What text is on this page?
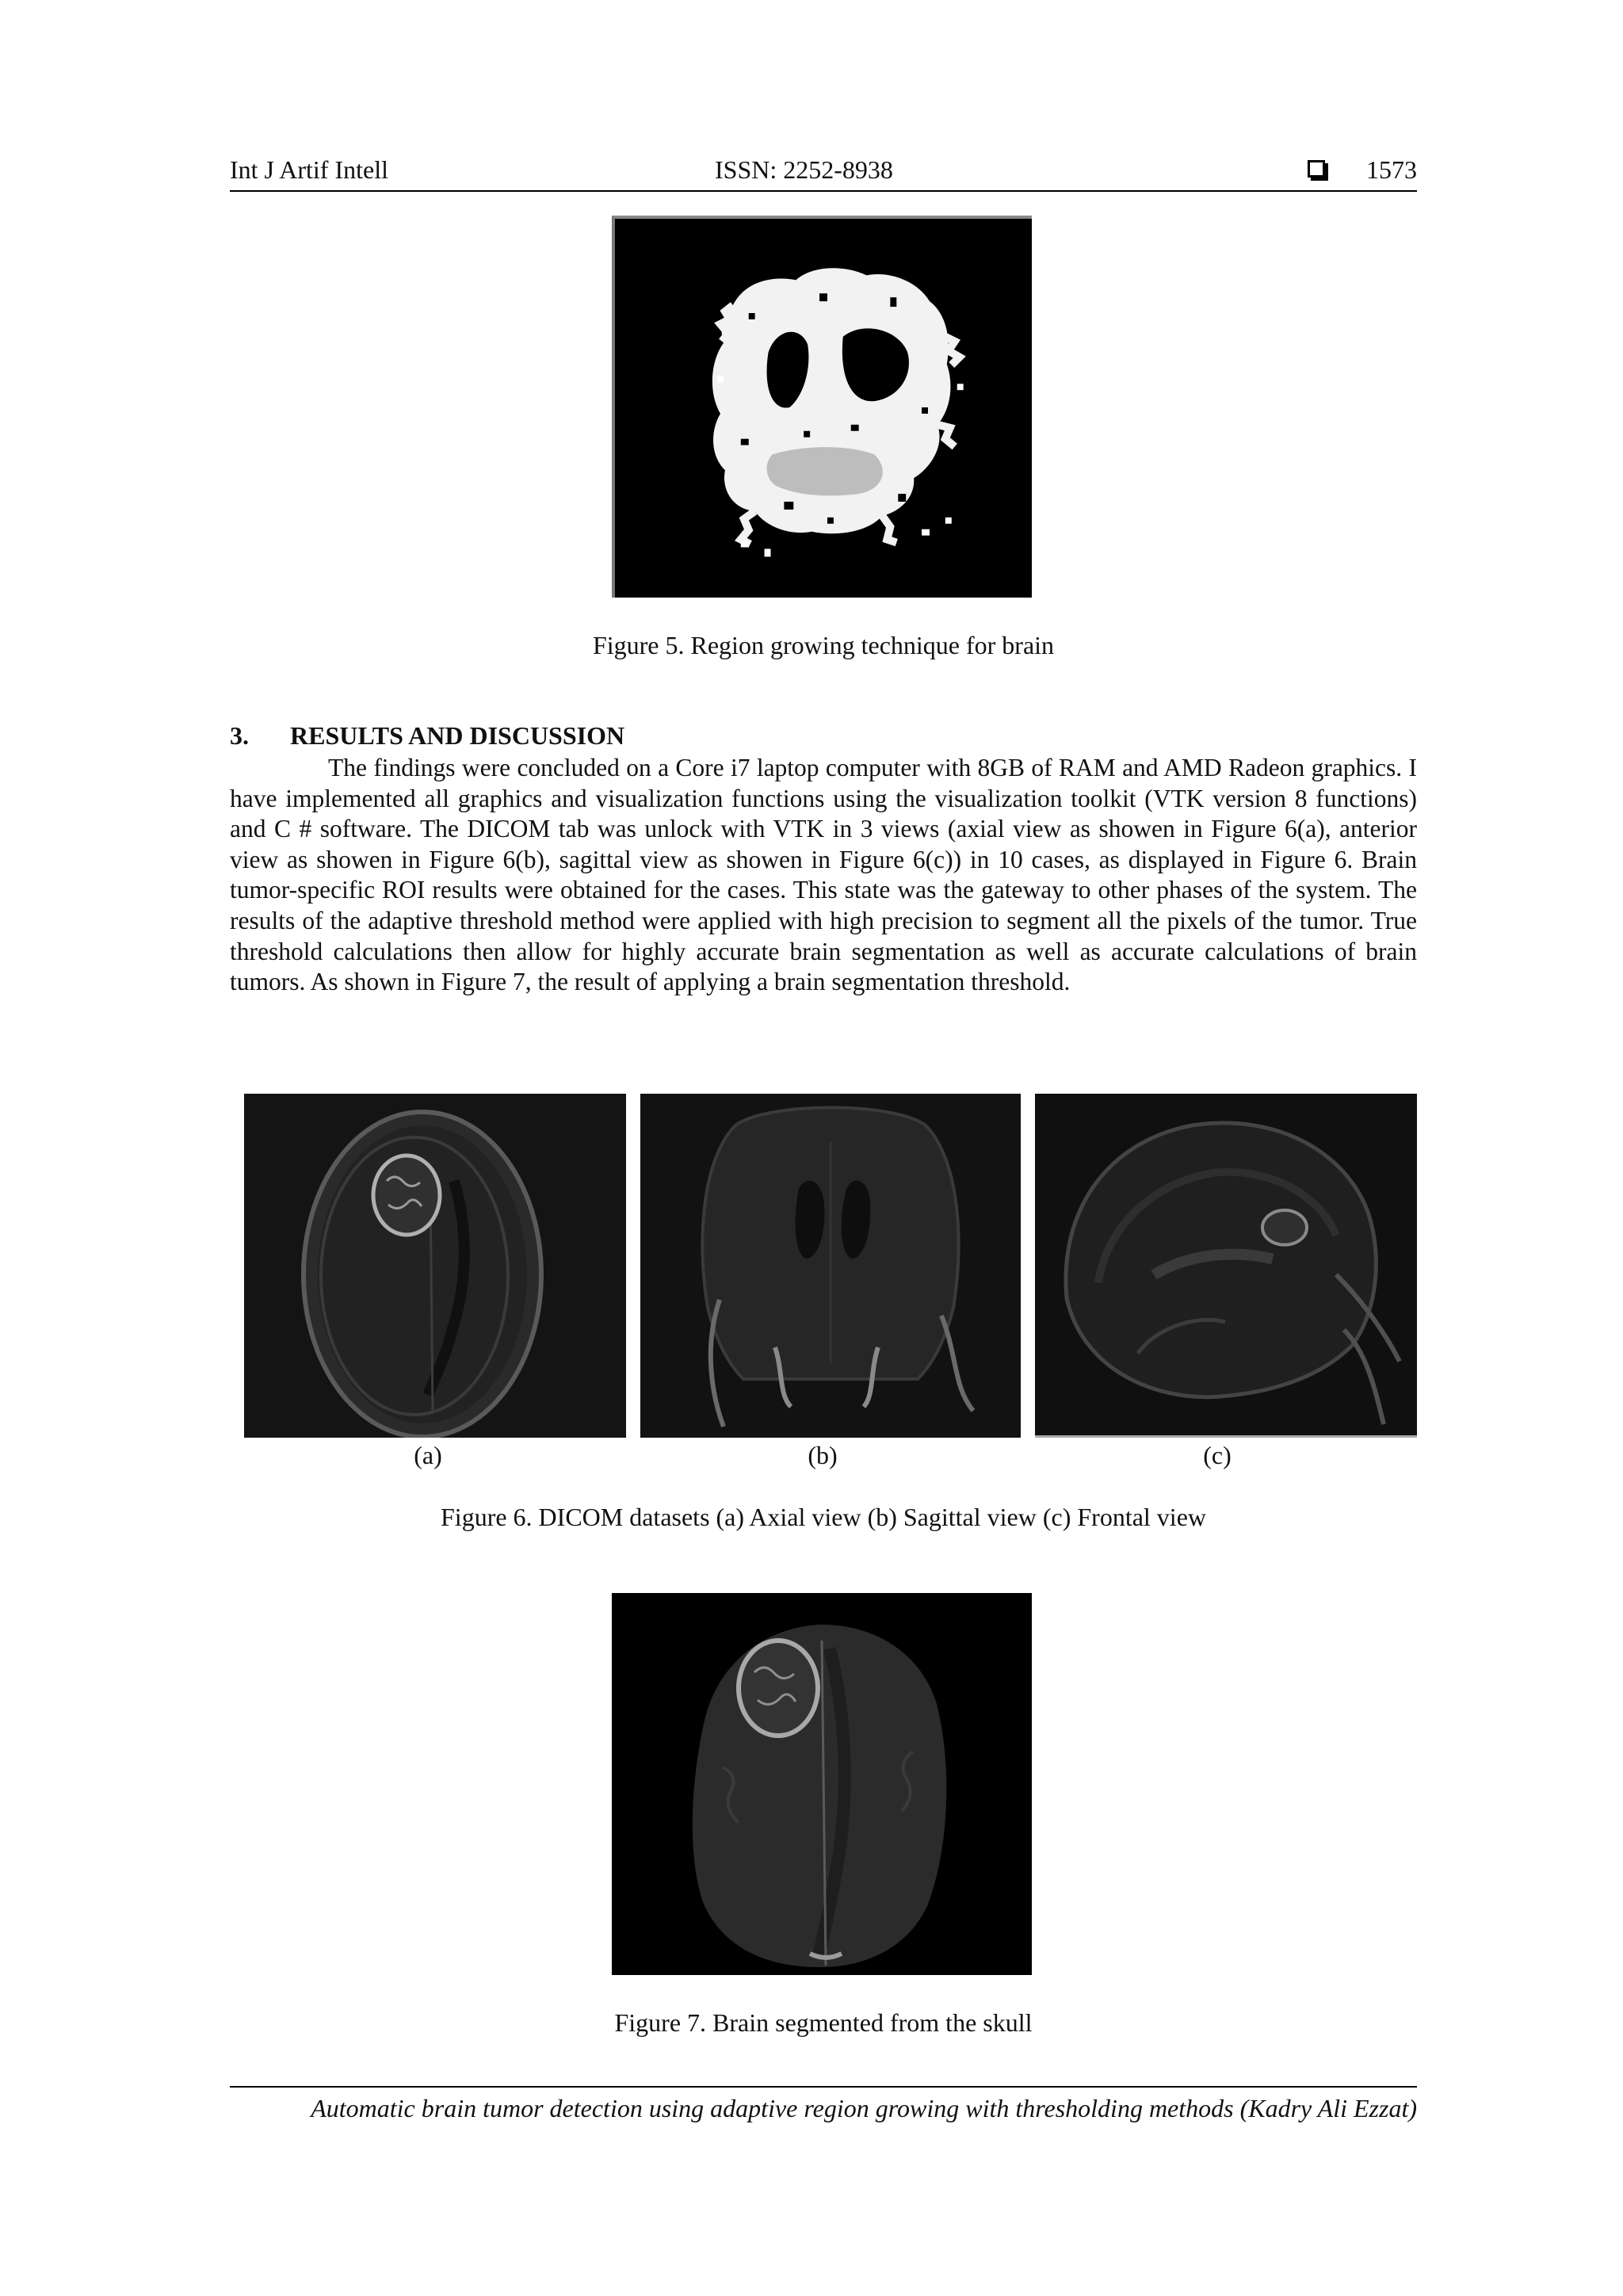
Int J Artif Intell	ISSN: 2252-8938	1573
Figure 5. Region growing technique for brain
3. RESULTS AND DISCUSSION

The findings were concluded on a Core i7 laptop computer with 8GB of RAM and AMD Radeon graphics. I have implemented all graphics and visualization functions using the visualization toolkit (VTK version 8 functions) and C # software. The DICOM tab was unlock with VTK in 3 views (axial view as showen in Figure 6(a), anterior view as showen in Figure 6(b), sagittal view as showen in Figure 6(c)) in 10 cases, as displayed in Figure 6. Brain tumor-specific ROI results were obtained for the cases. This state was the gateway to other phases of the system. The results of the adaptive threshold method were applied with high precision to segment all the pixels of the tumor. True threshold calculations then allow for highly accurate brain segmentation as well as accurate calculations of brain tumors. As shown in Figure 7, the result of applying a brain segmentation threshold.

(a)	(b)	(c)
Figure 6. DICOM datasets (a) Axial view (b) Sagittal view (c) Frontal view
Figure 7. Brain segmented from the skull
Automatic brain tumor detection using adaptive region growing with thresholding methods (Kadry Ali Ezzat)
